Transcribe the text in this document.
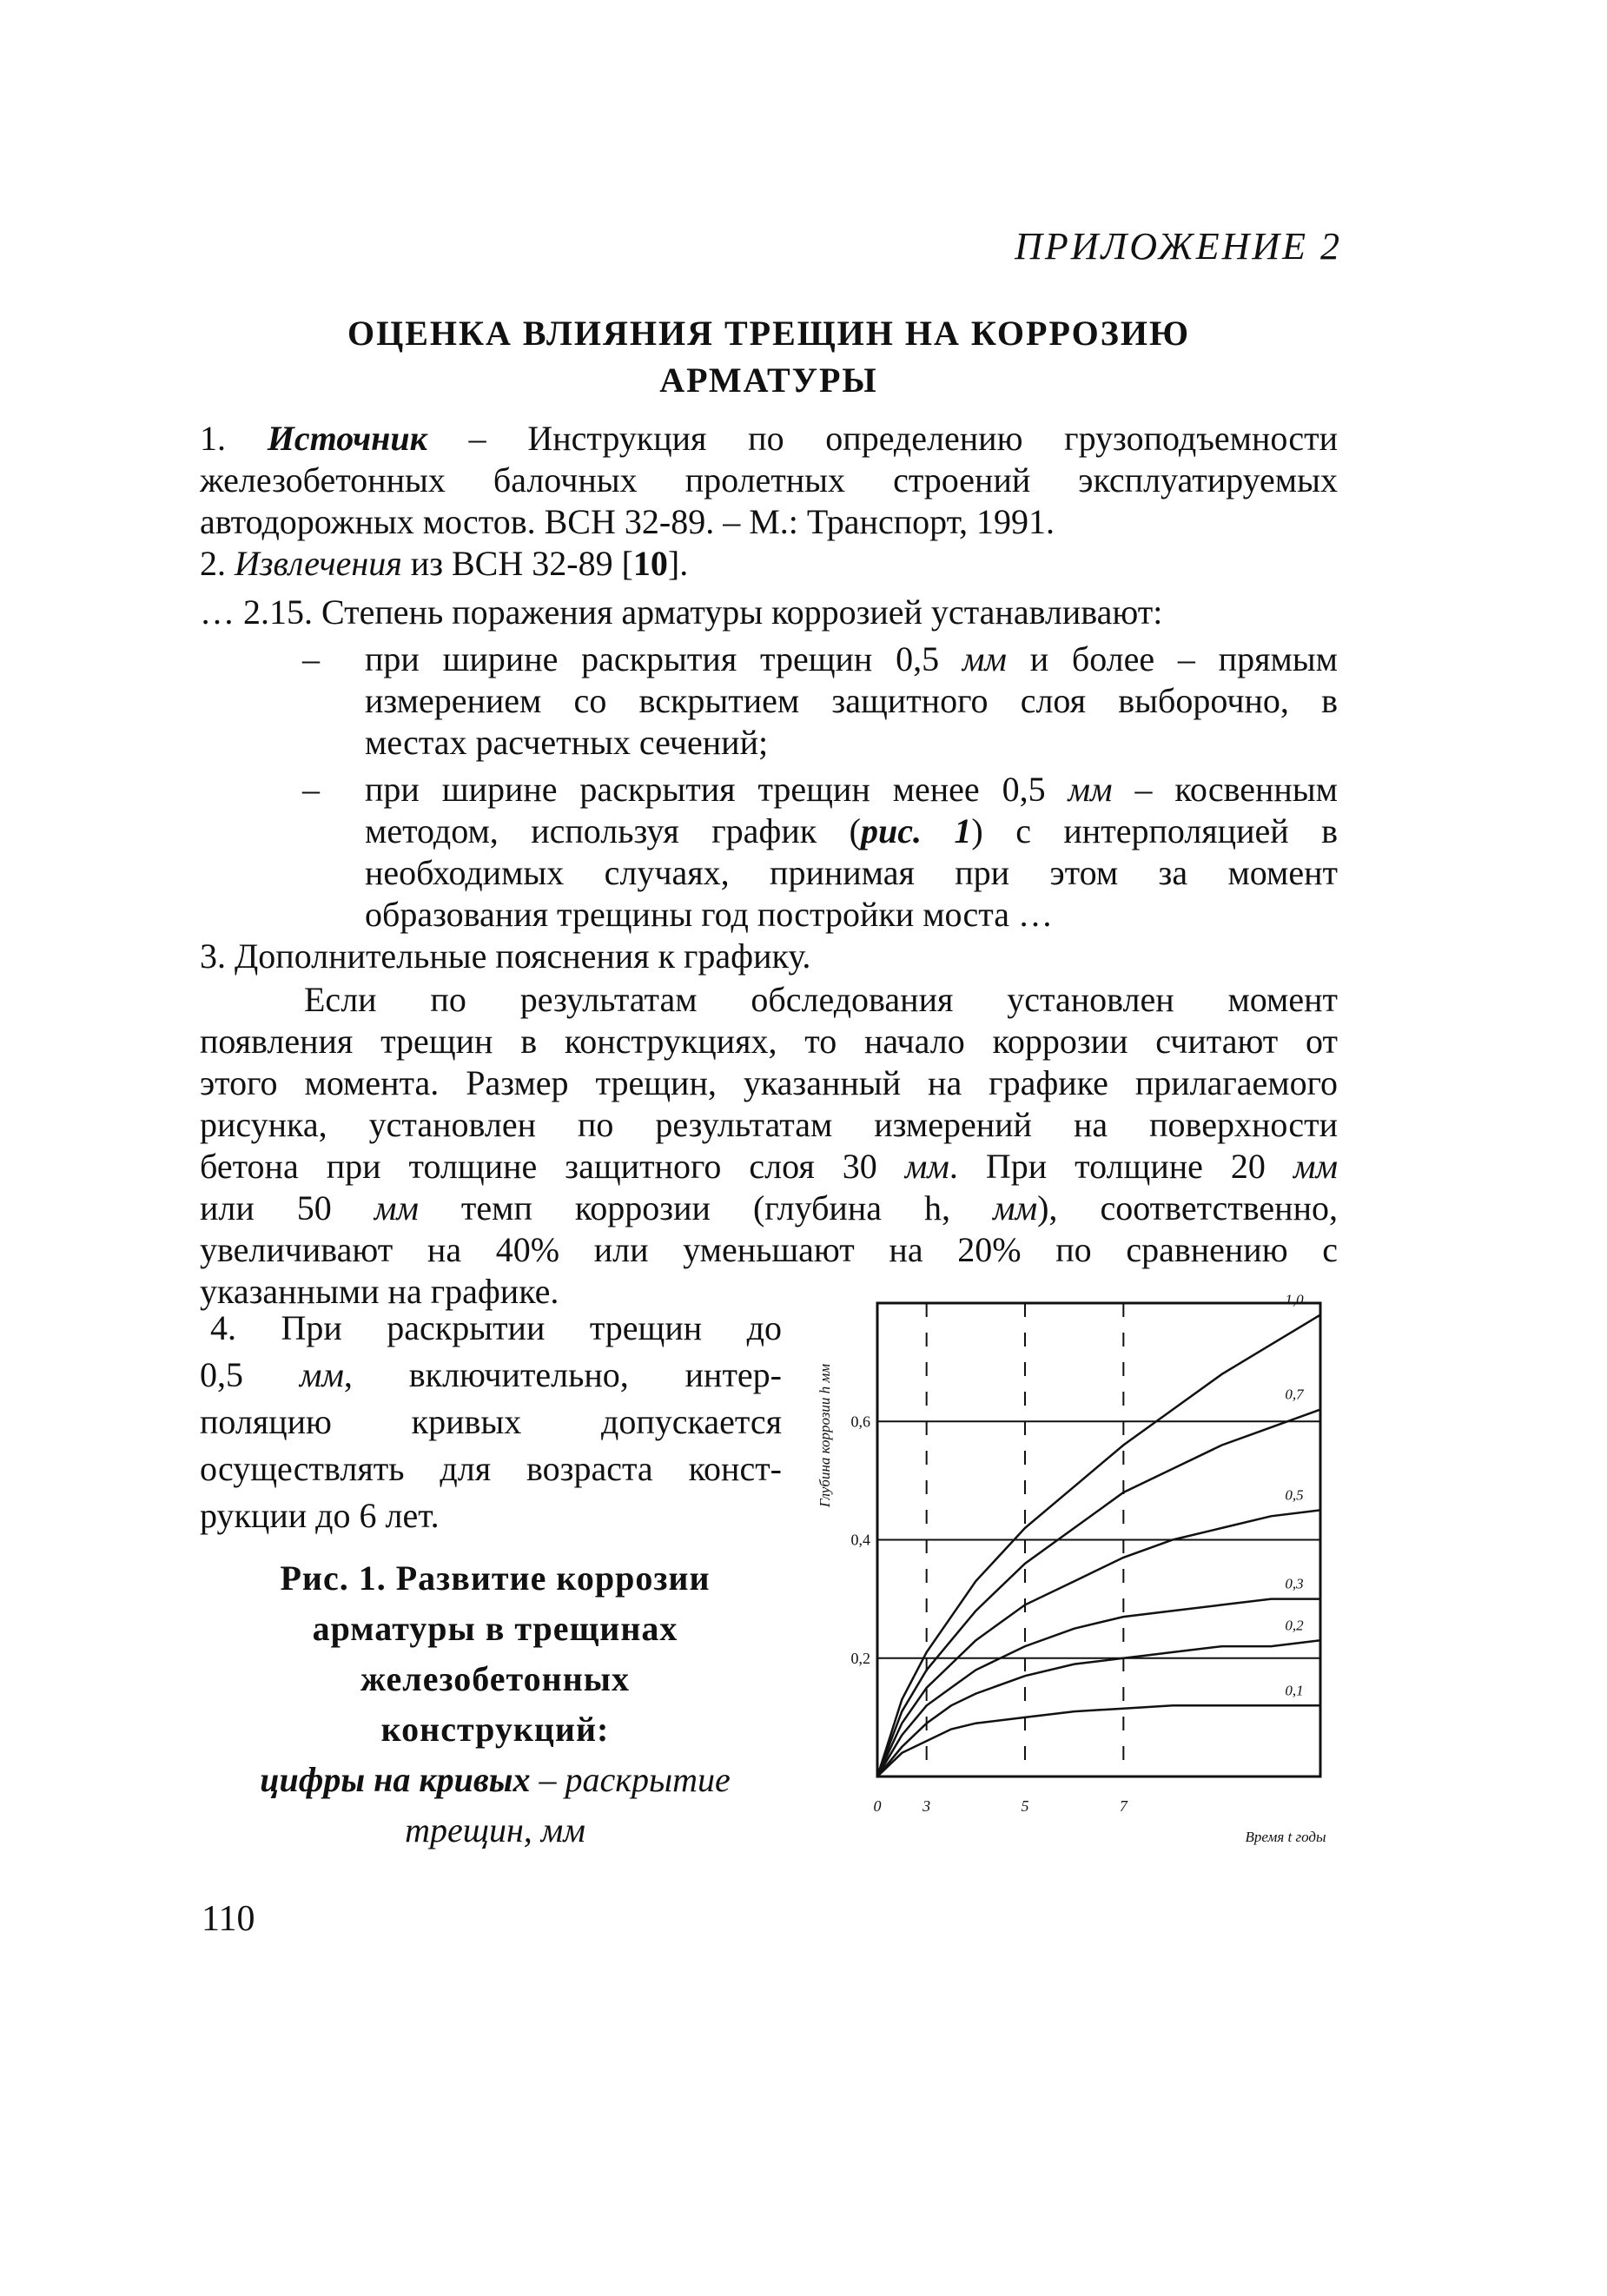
ПРИЛОЖЕНИЕ 2
ОЦЕНКА ВЛИЯНИЯ ТРЕЩИН НА КОРРОЗИЮ
АРМАТУРЫ
1. Источник – Инструкция по определению грузоподъемности
железобетонных балочных пролетных строений эксплуатируемых
автодорожных мостов. ВСН 32-89. – М.: Транспорт, 1991.
2. Извлечения из ВСН 32-89 [10].
… 2.15. Степень поражения арматуры коррозией устанавливают:
– при ширине раскрытия трещин 0,5 мм и более – прямым
измерением со вскрытием защитного слоя выборочно, в
местах расчетных сечений;
– при ширине раскрытия трещин менее 0,5 мм – косвенным
методом, используя график (рис. 1) с интерполяцией в
необходимых случаях, принимая при этом за момент
образования трещины год постройки моста …
3. Дополнительные пояснения к графику.
Если по результатам обследования установлен момент
появления трещин в конструкциях, то начало коррозии считают от
этого момента. Размер трещин, указанный на графике прилагаемого
рисунка, установлен по результатам измерений на поверхности
бетона при толщине защитного слоя 30 мм. При толщине 20 мм
или 50 мм темп коррозии (глубина h, мм), соответственно,
увеличивают на 40% или уменьшают на 20% по сравнению с
указанными на графике.
4. При раскрытии трещин до
0,5 мм, включительно, интер-
поляцию кривых допускается
осуществлять для возраста конст-
рукции до 6 лет.
Рис. 1. Развитие коррозии
арматуры в трещинах
железобетонных
конструкций:
цифры на кривых – раскрытие
трещин, мм
0,2
0,4
0,6
0	3	5	7
1,0
0,7
0,5
0,3
0,2
0,1
Время t годы
Глубина коррозии h мм
110
